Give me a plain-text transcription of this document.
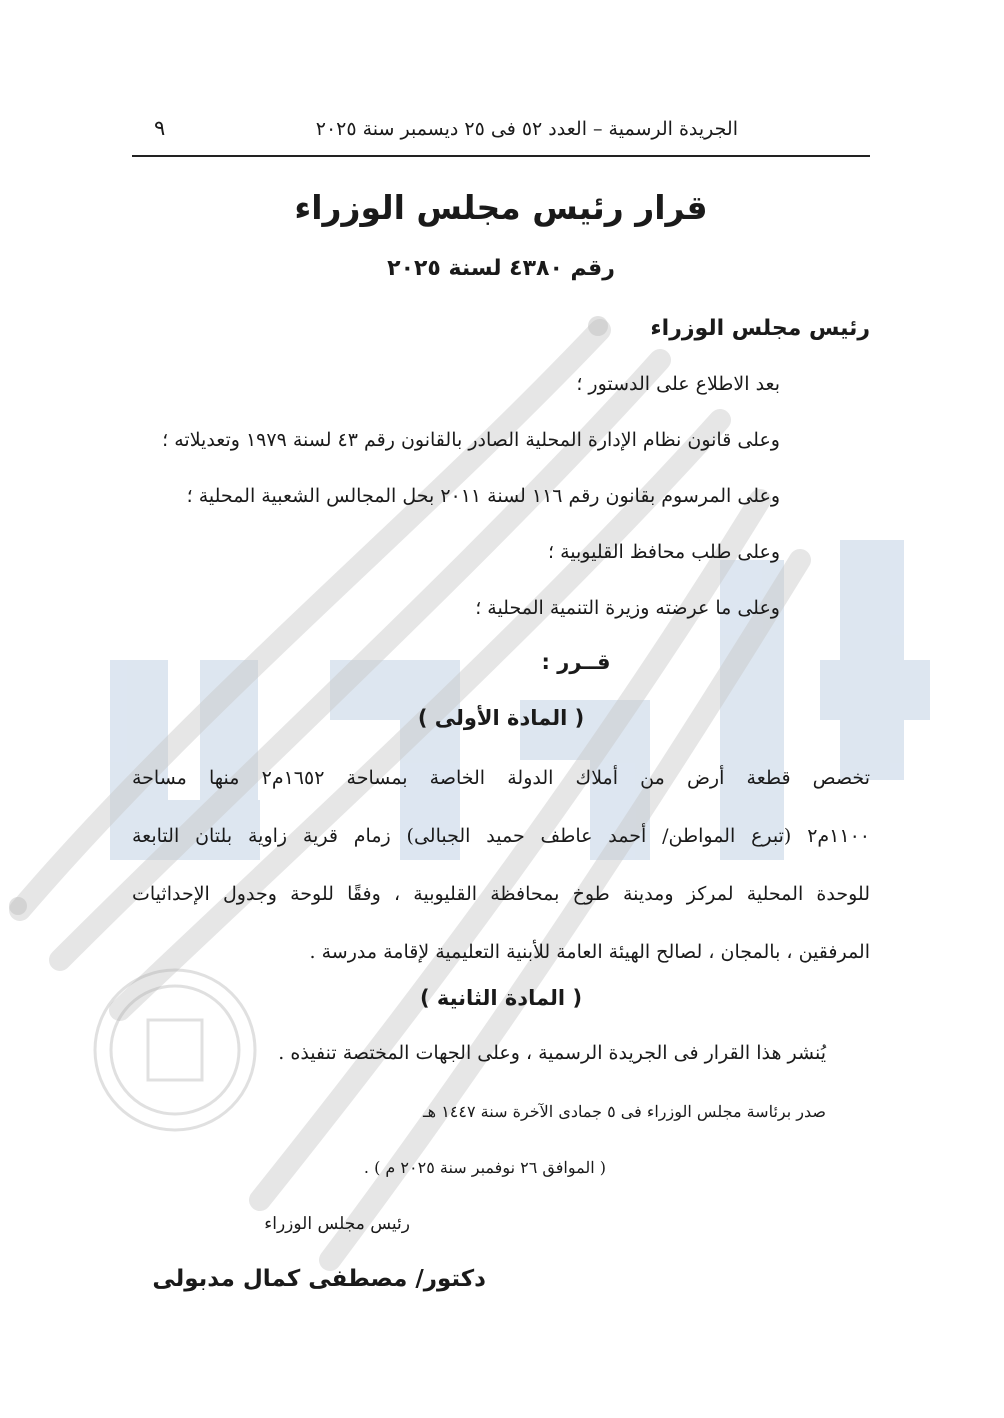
الجريدة الرسمية – العدد ٥٢ فى ٢٥ ديسمبر سنة ٢٠٢٥
٩
قرار رئيس مجلس الوزراء
رقم ٤٣٨٠ لسنة ٢٠٢٥
رئيس مجلس الوزراء
بعد الاطلاع على الدستور ؛
وعلى قانون نظام الإدارة المحلية الصادر بالقانون رقم ٤٣ لسنة ١٩٧٩ وتعديلاته ؛
وعلى المرسوم بقانون رقم ١١٦ لسنة ٢٠١١ بحل المجالس الشعبية المحلية ؛
وعلى طلب محافظ القليوبية ؛
وعلى ما عرضته وزيرة التنمية المحلية ؛
قــرر :
( المادة الأولى )
تخصص قطعة أرض من أملاك الدولة الخاصة بمساحة ١٦٥٢م٢ منها مساحة
١١٠٠م٢ (تبرع المواطن/ أحمد عاطف حميد الجبالى) زمام قرية زاوية بلتان التابعة
للوحدة المحلية لمركز ومدينة طوخ بمحافظة القليوبية ، وفقًا للوحة وجدول الإحداثيات
المرفقين ، بالمجان ، لصالح الهيئة العامة للأبنية التعليمية لإقامة مدرسة .
( المادة الثانية )
يُنشر هذا القرار فى الجريدة الرسمية ، وعلى الجهات المختصة تنفيذه .
صدر برئاسة مجلس الوزراء فى ٥ جمادى الآخرة سنة ١٤٤٧ هـ
( الموافق ٢٦ نوفمبر سنة ٢٠٢٥ م ) .
رئيس مجلس الوزراء
دكتور/ مصطفى كمال مدبولى
